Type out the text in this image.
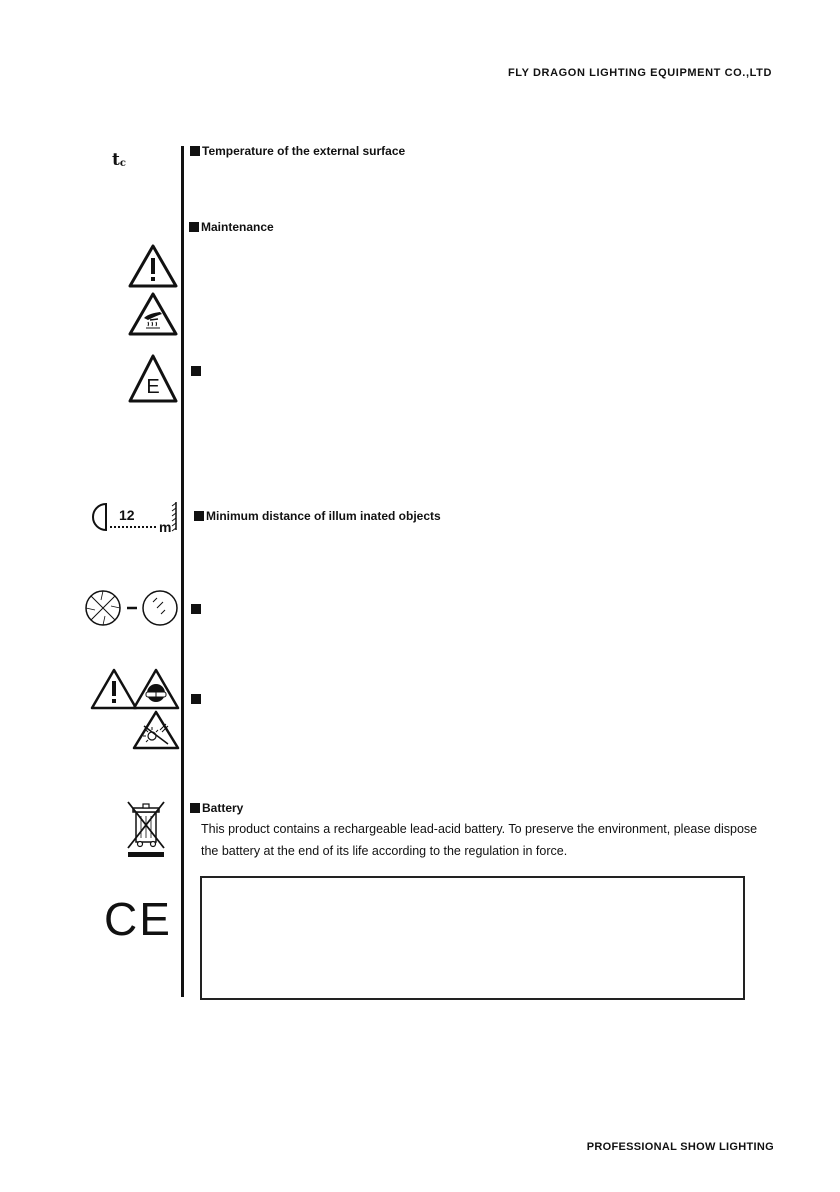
FLY DRAGON LIGHTING EQUIPMENT CO.,LTD
$t_c$
Temperature of the external surface
Maintenance
E
12
m
Minimum distance of illum inated objects
Battery
This product contains a rechargeable lead-acid battery. To preserve the environment, please dispose the battery at the end of its life according to the regulation in force.
CE
PROFESSIONAL SHOW LIGHTING
